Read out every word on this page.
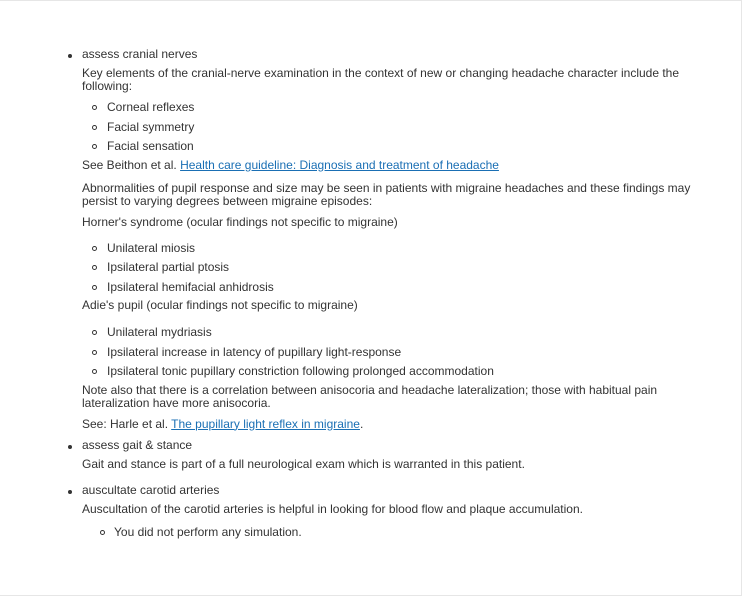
assess cranial nerves

Key elements of the cranial-nerve examination in the context of new or changing headache character include the following:

Corneal reflexes
Facial symmetry
Facial sensation

See Beithon et al. Health care guideline: Diagnosis and treatment of headache

Abnormalities of pupil response and size may be seen in patients with migraine headaches and these findings may persist to varying degrees between migraine episodes:

Horner's syndrome (ocular findings not specific to migraine)

Unilateral miosis
Ipsilateral partial ptosis
Ipsilateral hemifacial anhidrosis

Adie's pupil (ocular findings not specific to migraine)

Unilateral mydriasis
Ipsilateral increase in latency of pupillary light-response
Ipsilateral tonic pupillary constriction following prolonged accommodation

Note also that there is a correlation between anisocoria and headache lateralization; those with habitual pain lateralization have more anisocoria.

See: Harle et al. The pupillary light reflex in migraine.

assess gait & stance

Gait and stance is part of a full neurological exam which is warranted in this patient.

auscultate carotid arteries

Auscultation of the carotid arteries is helpful in looking for blood flow and plaque accumulation.

You did not perform any simulation.
